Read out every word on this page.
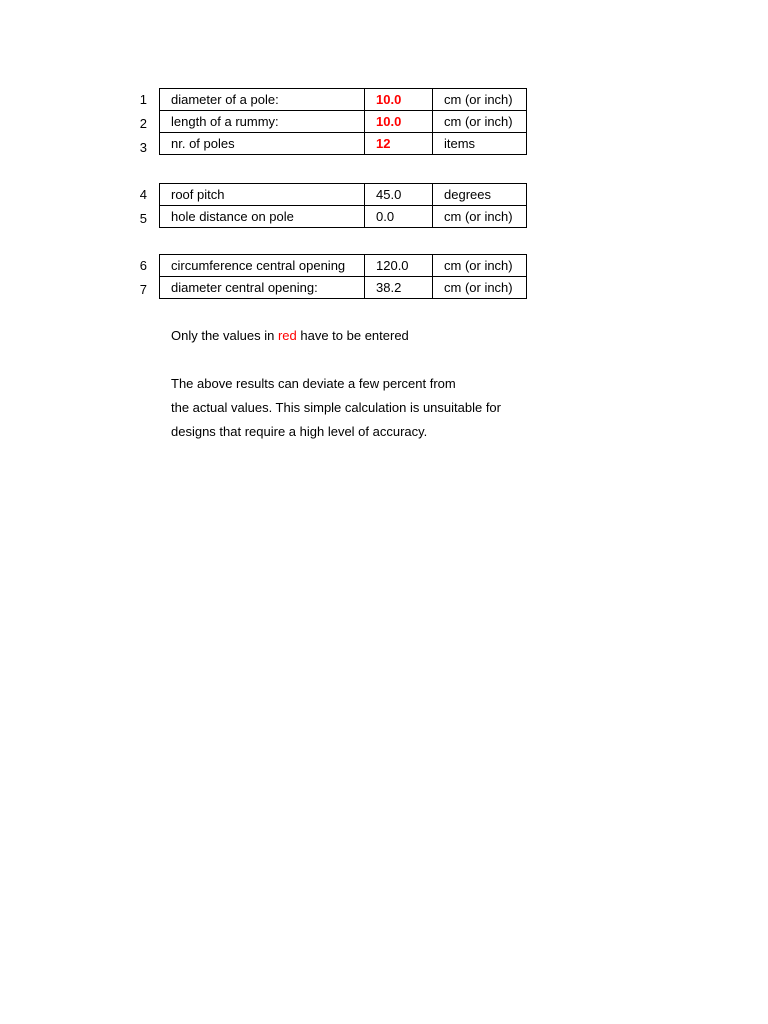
1
2
3
4
5
6
7
diameter of a pole:	10.0	cm (or inch)
length of a rummy:	10.0	cm (or inch)
nr. of poles	12	items
roof pitch	45.0	degrees
hole distance on pole	0.0	cm (or inch)
circumference central opening	120.0	cm (or inch)
diameter central opening:	38.2	cm (or inch)
Only the values in red have to be entered
The above results can deviate a few percent from
the actual values. This simple calculation is unsuitable for
designs that require a high level of accuracy.
